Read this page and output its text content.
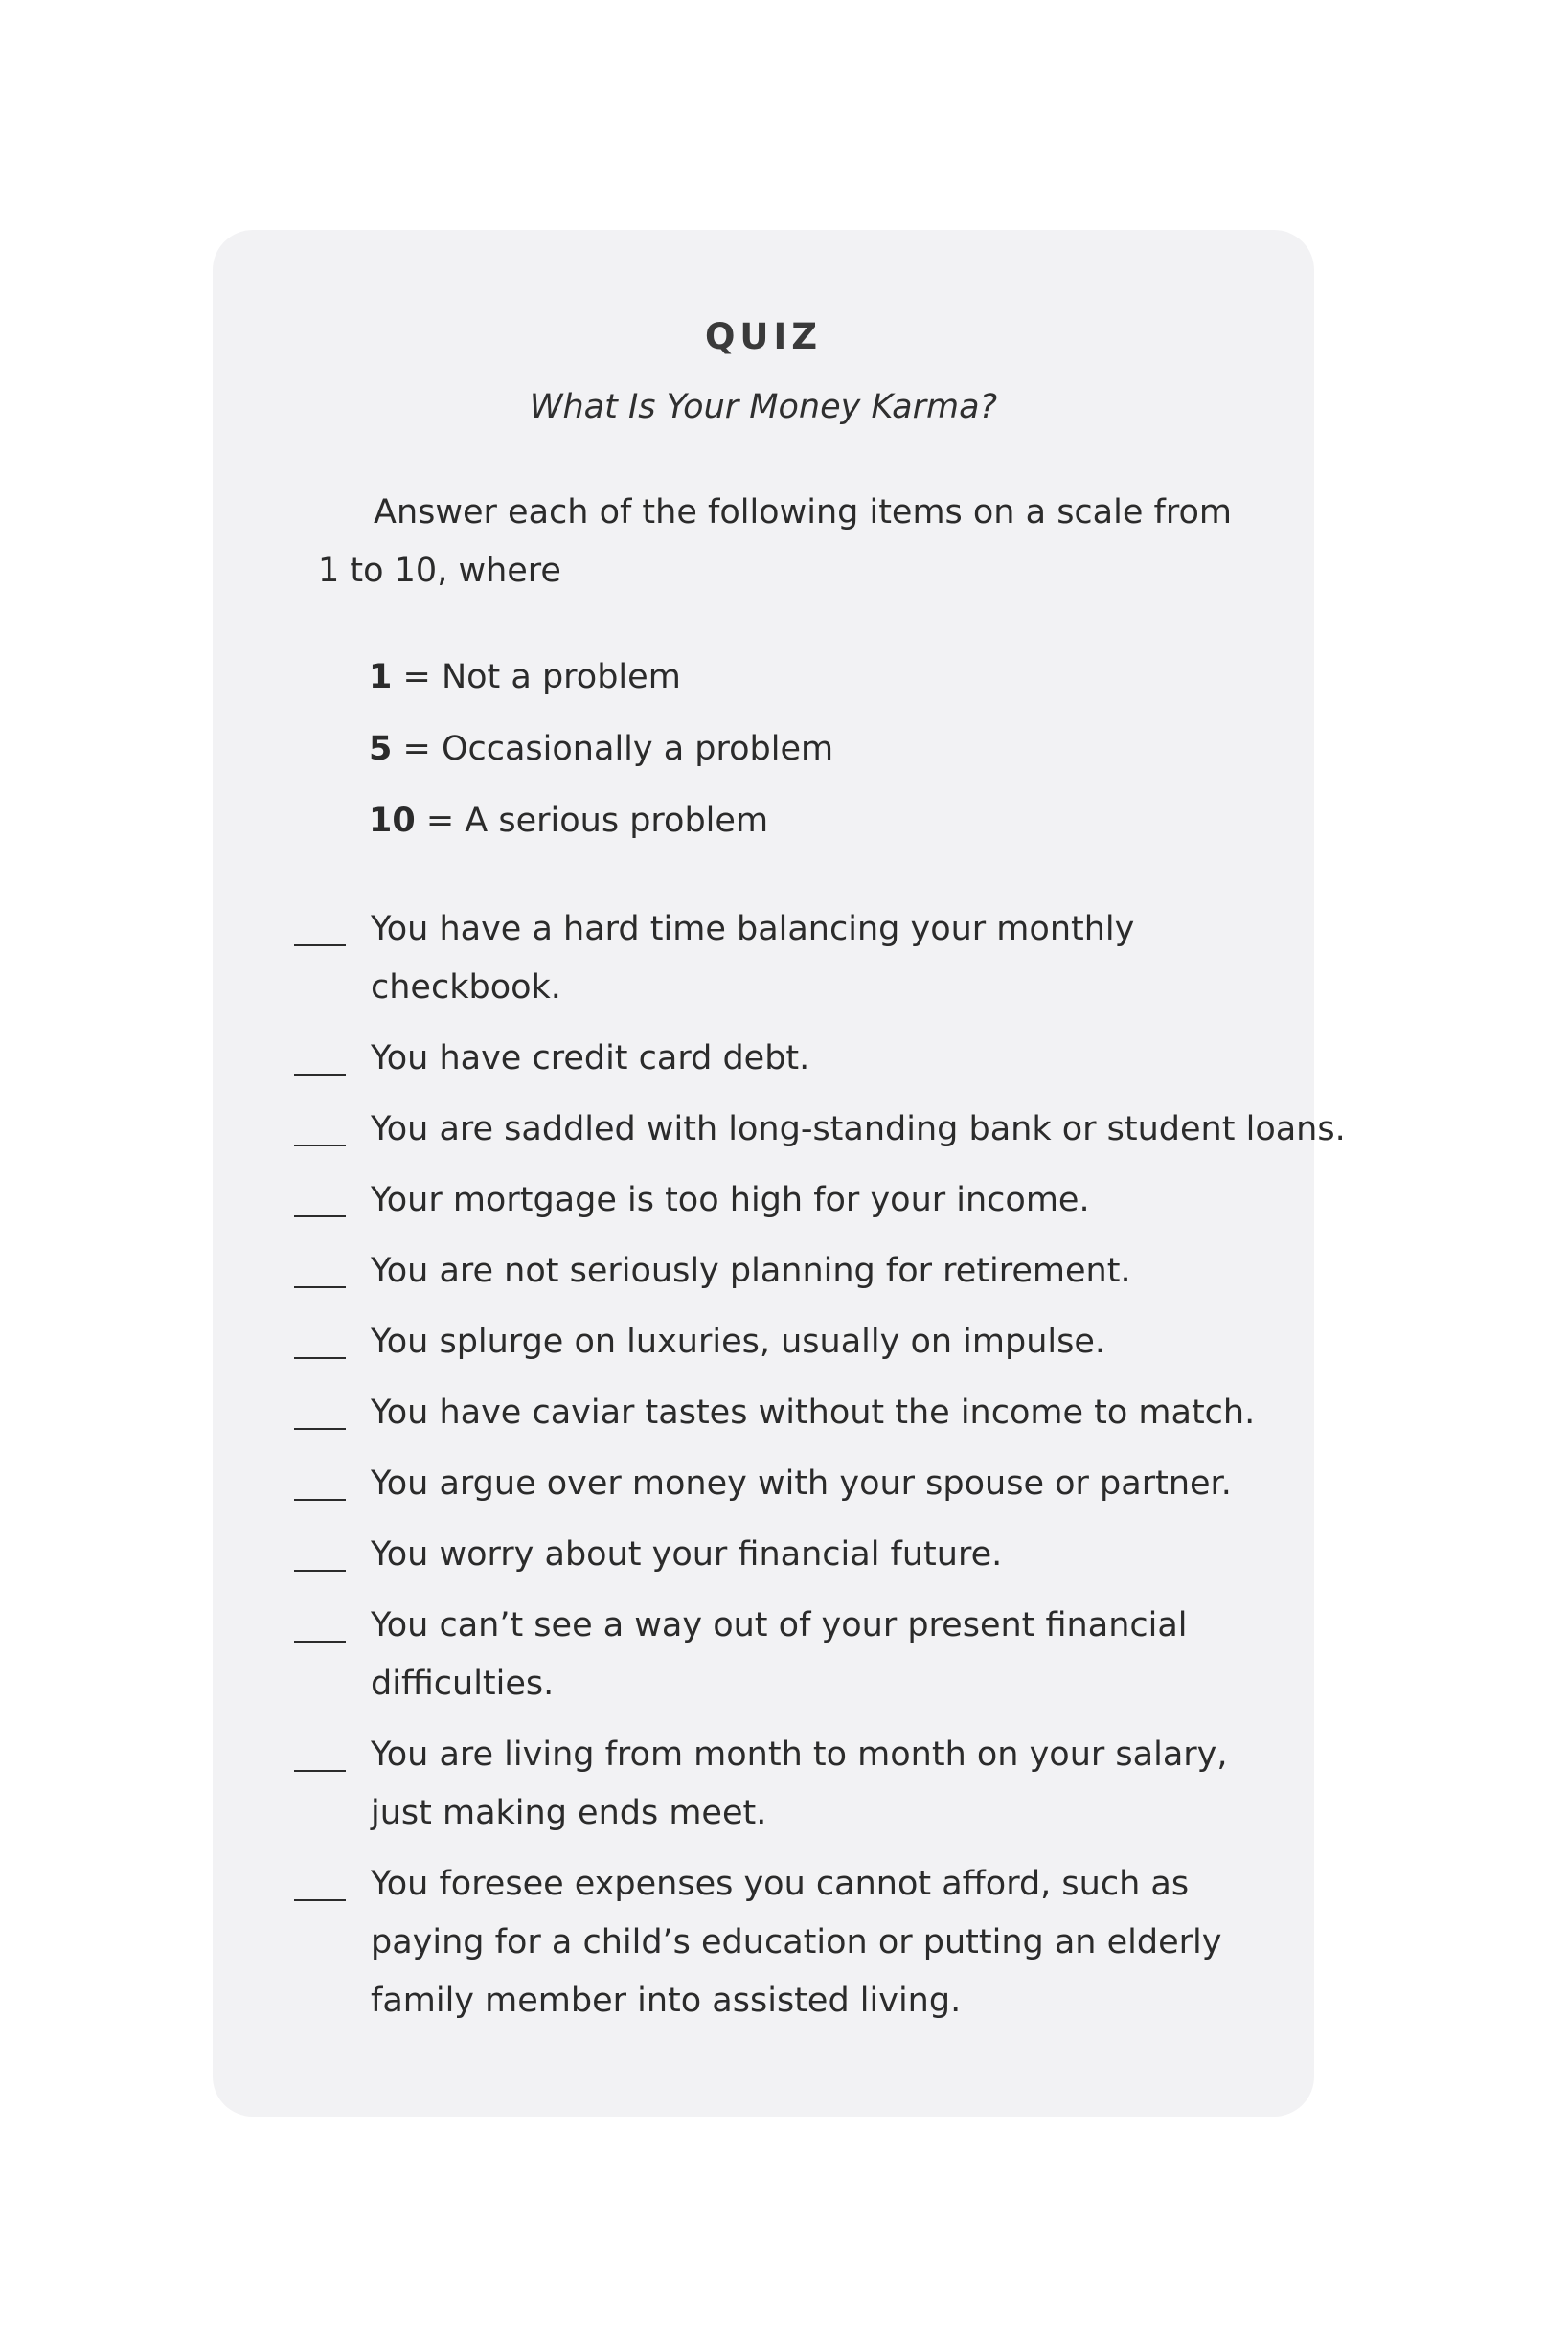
QUIZ
What Is Your Money Karma?
Answer each of the following items on a scale from 1 to 10, where
1 = Not a problem
5 = Occasionally a problem
10 = A serious problem
You have a hard time balancing your monthly
checkbook.
You have credit card debt.
You are saddled with long-standing bank or student loans.
Your mortgage is too high for your income.
You are not seriously planning for retirement.
You splurge on luxuries, usually on impulse.
You have caviar tastes without the income to match.
You argue over money with your spouse or partner.
You worry about your financial future.
You can’t see a way out of your present financial
difficulties.
You are living from month to month on your salary,
just making ends meet.
You foresee expenses you cannot afford, such as
paying for a child’s education or putting an elderly
family member into assisted living.
